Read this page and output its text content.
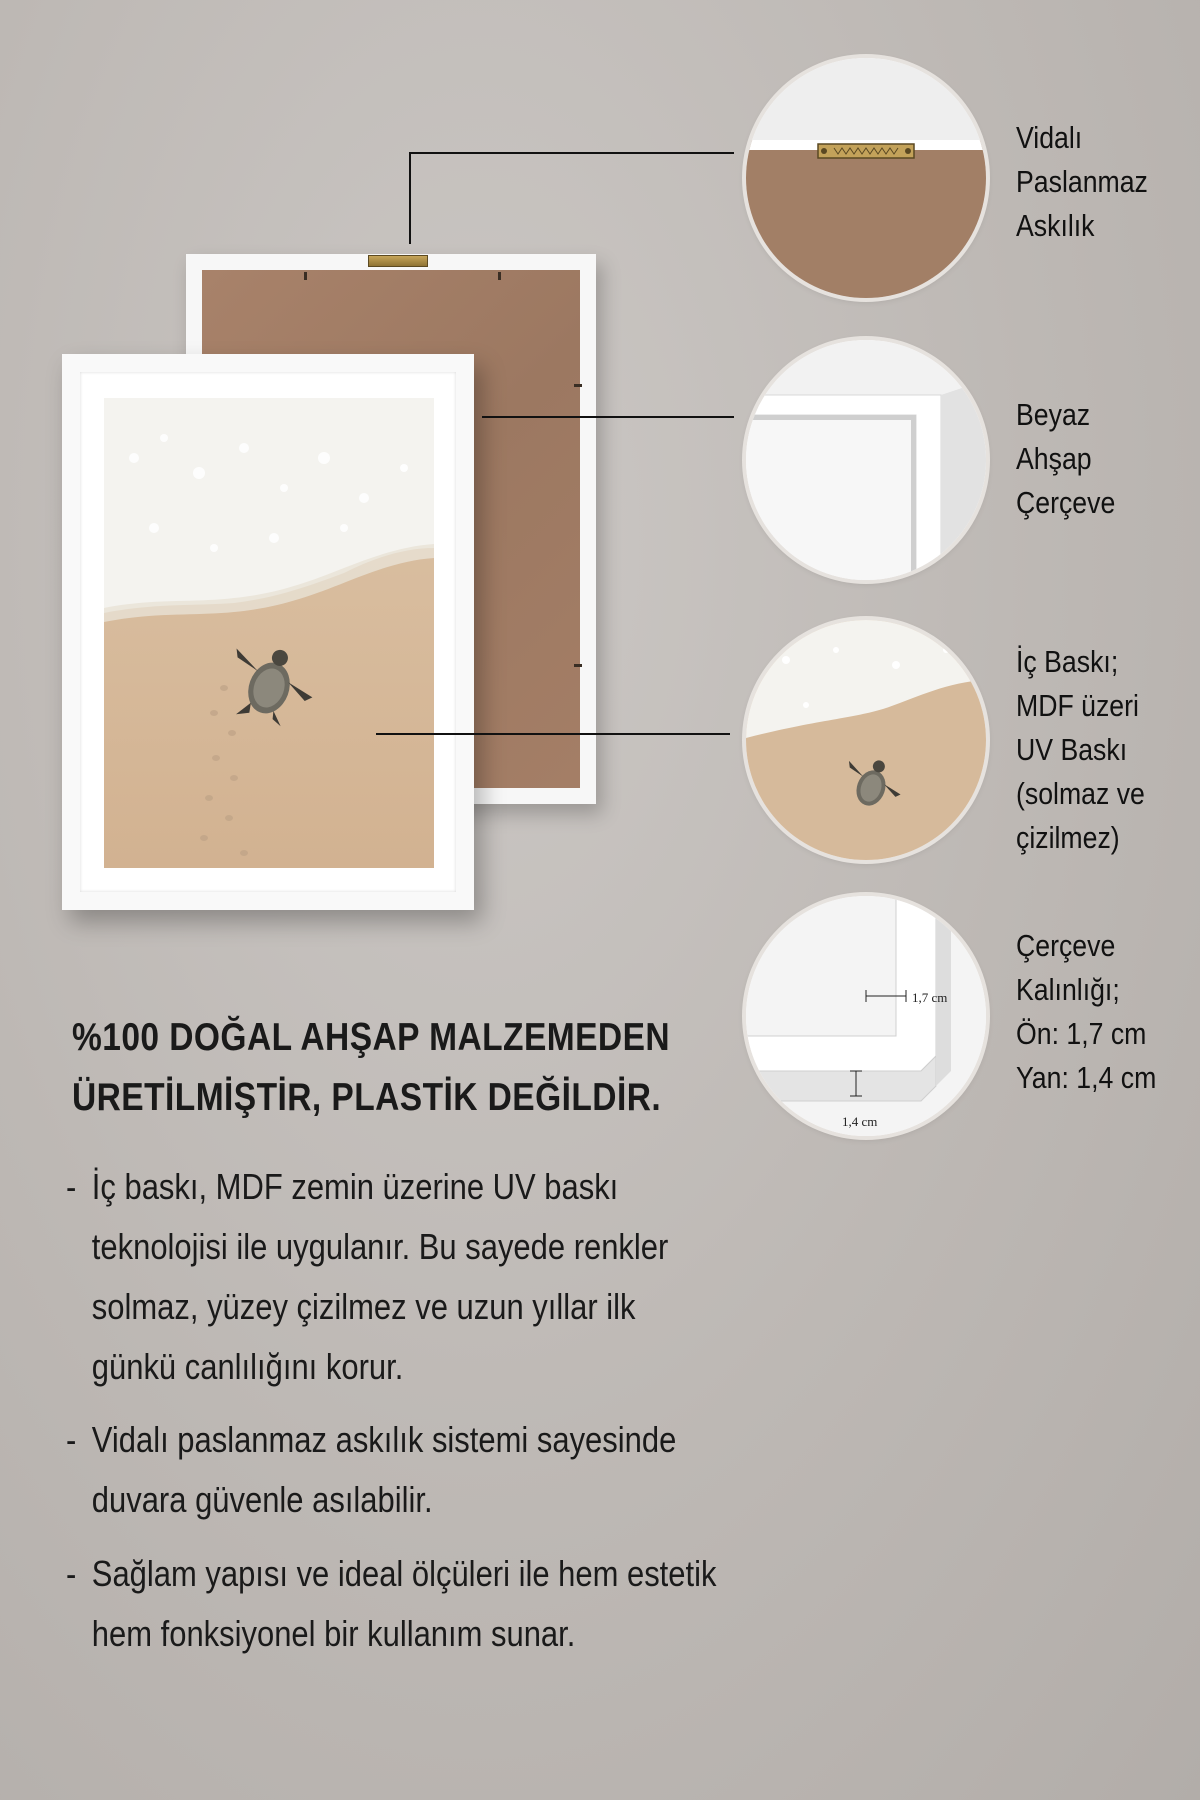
Vidalı
Paslanmaz
Askılık
Beyaz
Ahşap
Çerçeve
İç Baskı;
MDF üzeri
UV Baskı
(solmaz ve
çizilmez)
1,7 cm
1,4 cm
Çerçeve
Kalınlığı;
Ön: 1,7 cm
Yan: 1,4 cm
%100 DOĞAL AHŞAP MALZEMEDEN ÜRETİLMİŞTİR, PLASTİK DEĞİLDİR.
- İç baskı, MDF zemin üzerine UV baskı teknolojisi ile uygulanır. Bu sayede renkler solmaz, yüzey çizilmez ve uzun yıllar ilk günkü canlılığını korur.
- Vidalı paslanmaz askılık sistemi sayesinde duvara güvenle asılabilir.
- Sağlam yapısı ve ideal ölçüleri ile hem estetik hem fonksiyonel bir kullanım sunar.
